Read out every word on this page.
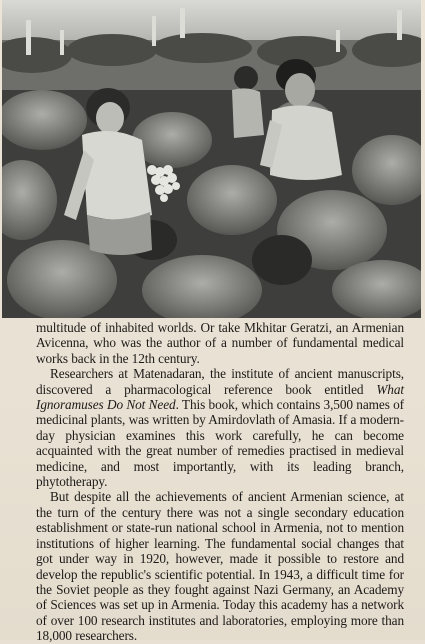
multitude of inhabited worlds. Or take Mkhitar Geratzi, an Armenian Avicenna, who was the author of a number of fundamental medical works back in the 12th century.

Researchers at Matenadaran, the institute of ancient manuscripts, discovered a pharmacological reference book entitled What Ignoramuses Do Not Need. This book, which contains 3,500 names of medicinal plants, was written by Amirdovlath of Amasia. If a modern-day physician examines this work carefully, he can become acquainted with the great number of remedies practised in medieval medicine, and most importantly, with its leading branch, phytotherapy.

But despite all the achievements of ancient Armenian science, at the turn of the century there was not a single secondary education establishment or state-run national school in Armenia, not to mention institutions of higher learning. The fundamental social changes that got under way in 1920, however, made it possible to restore and develop the republic's scientific potential. In 1943, a difficult time for the Soviet people as they fought against Nazi Germany, an Academy of Sciences was set up in Armenia. Today this academy has a network of over 100 research institutes and laboratories, employing more than 18,000 researchers.
